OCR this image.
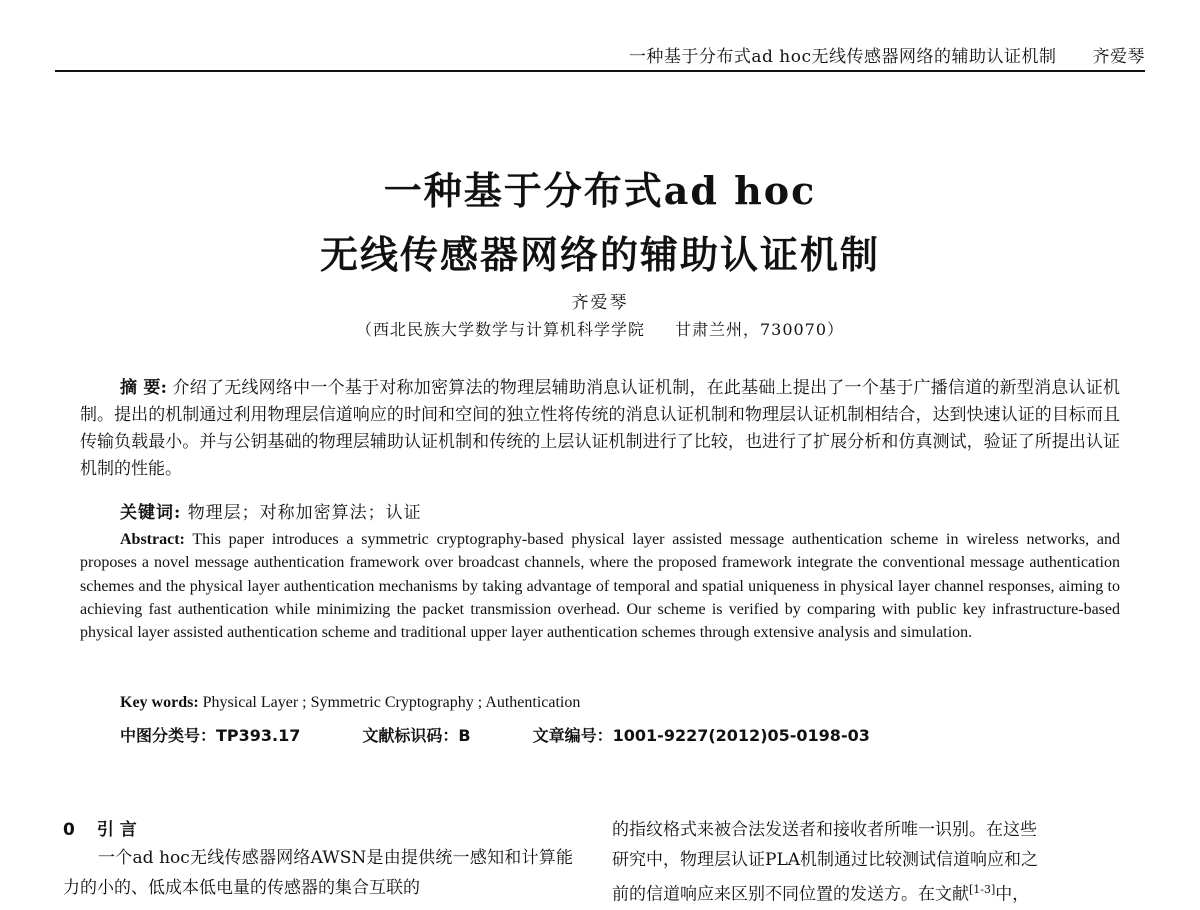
一种基于分布式ad hoc无线传感器网络的辅助认证机制 齐爱琴
一种基于分布式ad hoc
无线传感器网络的辅助认证机制
齐爱琴
（西北民族大学数学与计算机科学学院 甘肃兰州，730070）
摘 要: 介绍了无线网络中一个基于对称加密算法的物理层辅助消息认证机制，在此基础上提出了一个基于广播信道的新型消息认证机制。提出的机制通过利用物理层信道响应的时间和空间的独立性将传统的消息认证机制和物理层认证机制相结合，达到快速认证的目标而且传输负载最小。并与公钥基础的物理层辅助认证机制和传统的上层认证机制进行了比较，也进行了扩展分析和仿真测试，验证了所提出认证机制的性能。
关键词: 物理层；对称加密算法；认证
Abstract: This paper introduces a symmetric cryptography-based physical layer assisted message authentication scheme in wireless networks, and proposes a novel message authentication framework over broadcast channels, where the proposed framework integrate the conventional message authentication schemes and the physical layer authentication mechanisms by taking advantage of temporal and spatial uniqueness in physical layer channel responses, aiming to achieving fast authentication while minimizing the packet transmission overhead. Our scheme is verified by comparing with public key infrastructure-based physical layer assisted authentication scheme and traditional upper layer authentication schemes through extensive analysis and simulation.
Key words: Physical Layer ; Symmetric Cryptography ; Authentication
中图分类号：TP393.17	文献标识码：B	文章编号：1001-9227(2012)05-0198-03
0 引 言
一个ad hoc无线传感器网络AWSN是由提供统一感知和计算能力的小的、低成本低电量的传感器的集合互联的
的指纹格式来被合法发送者和接收者所唯一识别。在这些
研究中，物理层认证PLA机制通过比较测试信道响应和之
前的信道响应来区别不同位置的发送方。在文献[1-3]中，
